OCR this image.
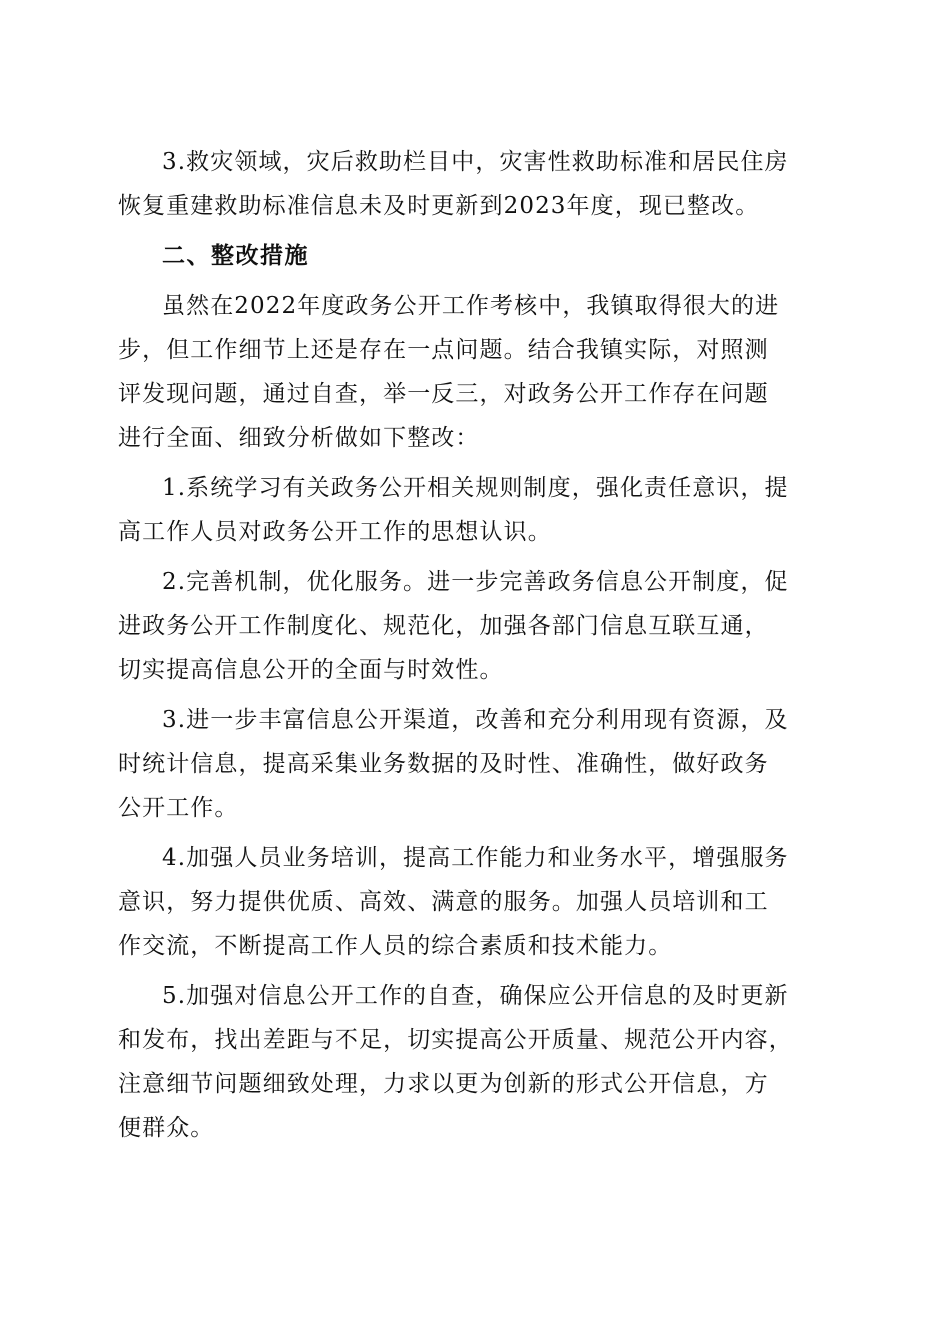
3.救灾领域，灾后救助栏目中，灾害性救助标准和居民住房
恢复重建救助标准信息未及时更新到2023年度，现已整改。

二、整改措施

虽然在2022年度政务公开工作考核中，我镇取得很大的进
步，但工作细节上还是存在一点问题。结合我镇实际，对照测
评发现问题，通过自查，举一反三，对政务公开工作存在问题
进行全面、细致分析做如下整改：

1.系统学习有关政务公开相关规则制度，强化责任意识，提
高工作人员对政务公开工作的思想认识。

2.完善机制，优化服务。进一步完善政务信息公开制度，促
进政务公开工作制度化、规范化，加强各部门信息互联互通，
切实提高信息公开的全面与时效性。

3.进一步丰富信息公开渠道，改善和充分利用现有资源，及
时统计信息，提高采集业务数据的及时性、准确性，做好政务
公开工作。

4.加强人员业务培训，提高工作能力和业务水平，增强服务
意识，努力提供优质、高效、满意的服务。加强人员培训和工
作交流，不断提高工作人员的综合素质和技术能力。

5.加强对信息公开工作的自查，确保应公开信息的及时更新
和发布，找出差距与不足，切实提高公开质量、规范公开内容，
注意细节问题细致处理，力求以更为创新的形式公开信息，方
便群众。
